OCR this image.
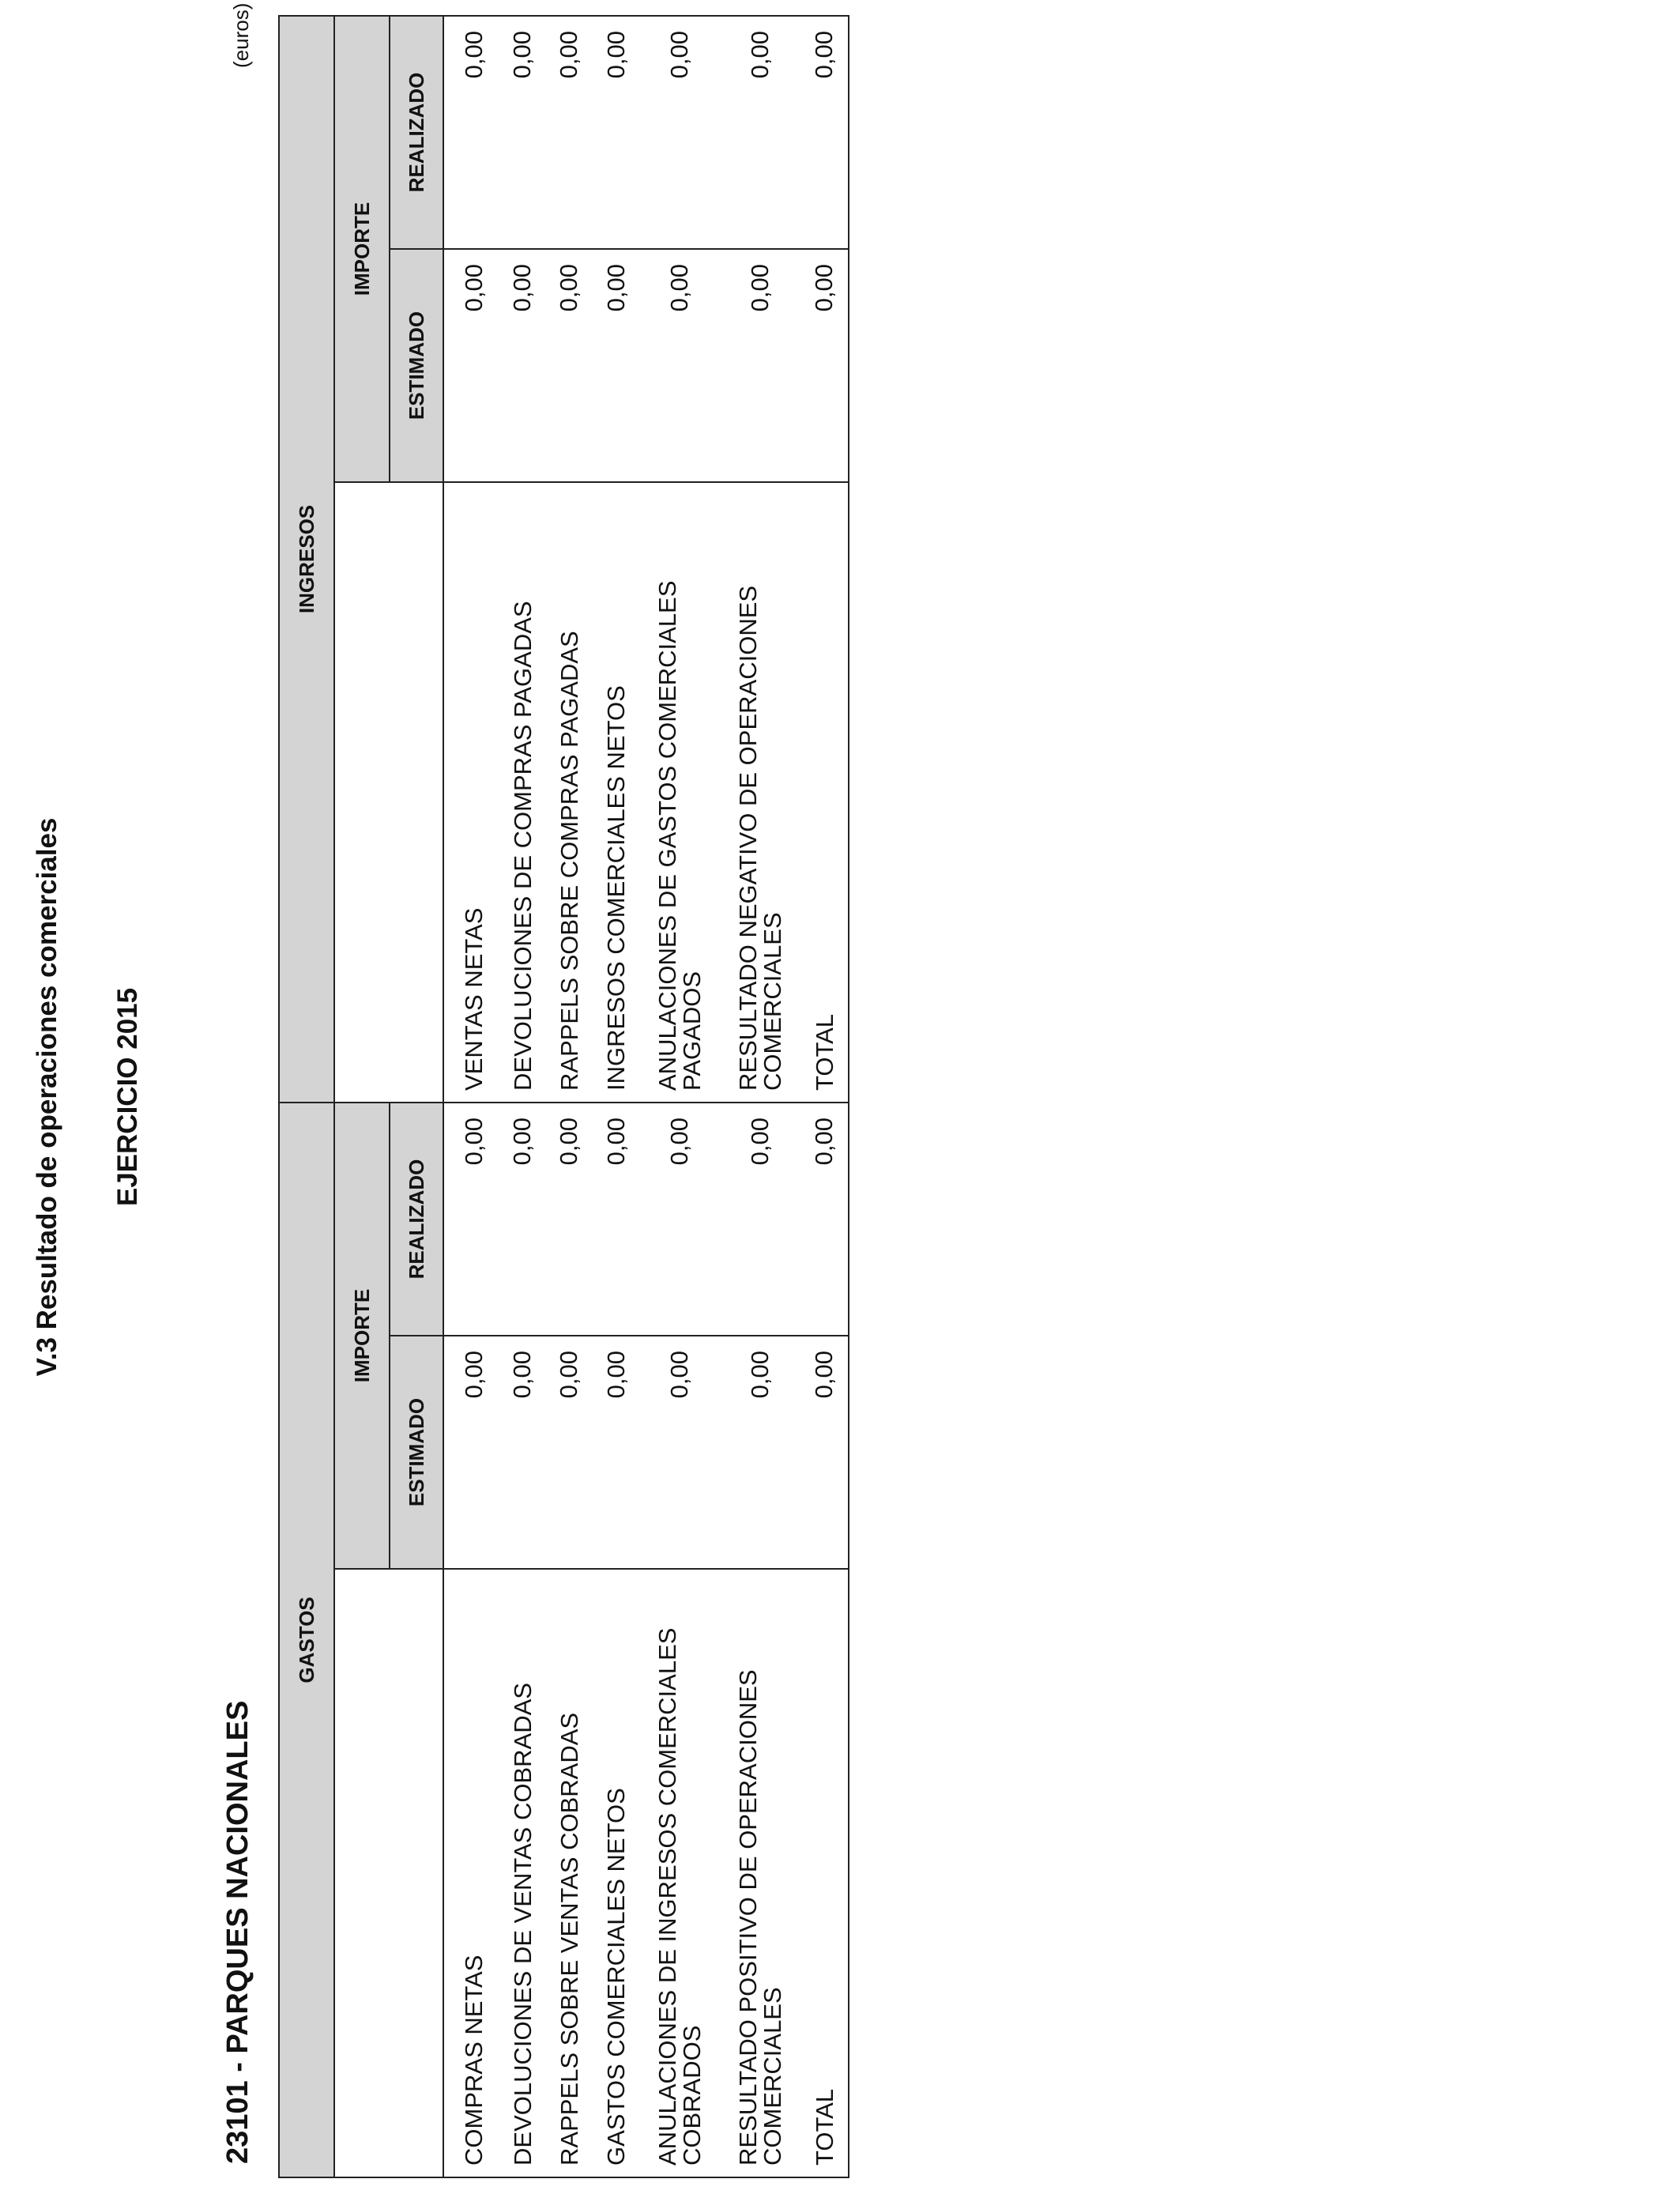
V.3 Resultado de operaciones comerciales EJERCICIO 2015
23101 - PARQUES NACIONALES
(euros)
GASTOS			INGRESOS		
	IMPORTE			IMPORTE	
	ESTIMADO	REALIZADO		ESTIMADO	REALIZADO
COMPRAS NETAS	0,00	0,00	VENTAS NETAS	0,00	0,00
DEVOLUCIONES DE VENTAS COBRADAS	0,00	0,00	DEVOLUCIONES DE COMPRAS PAGADAS	0,00	0,00
RAPPELS SOBRE VENTAS COBRADAS	0,00	0,00	RAPPELS SOBRE COMPRAS PAGADAS	0,00	0,00
GASTOS COMERCIALES NETOS	0,00	0,00	INGRESOS COMERCIALES NETOS	0,00	0,00
ANULACIONES DE INGRESOS COMERCIALES COBRADOS	0,00	0,00	ANULACIONES DE GASTOS COMERCIALES PAGADOS	0,00	0,00
RESULTADO POSITIVO DE OPERACIONES COMERCIALES	0,00	0,00	RESULTADO NEGATIVO DE OPERACIONES COMERCIALES	0,00	0,00
TOTAL	0,00	0,00	TOTAL	0,00	0,00
